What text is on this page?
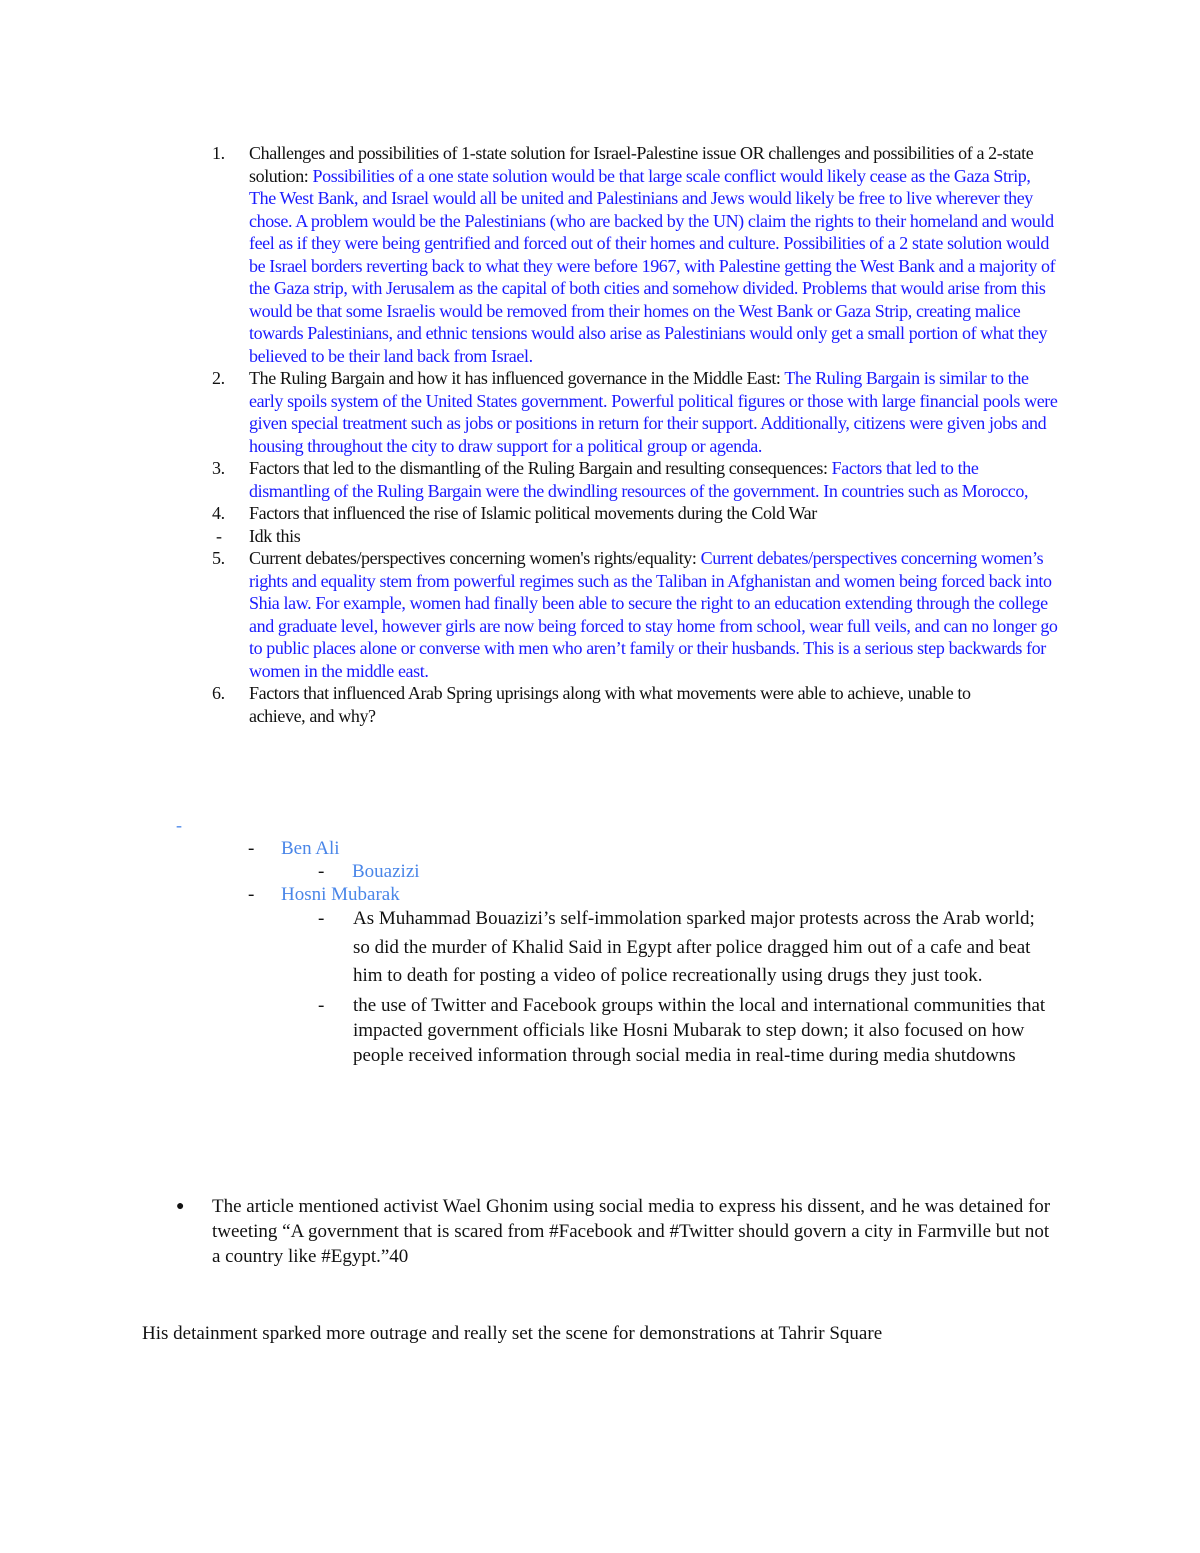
1. Challenges and possibilities of 1-state solution for Israel-Palestine issue OR challenges and possibilities of a 2-state solution: Possibilities of a one state solution would be that large scale conflict would likely cease as the Gaza Strip, The West Bank, and Israel would all be united and Palestinians and Jews would likely be free to live wherever they chose. A problem would be the Palestinians (who are backed by the UN) claim the rights to their homeland and would feel as if they were being gentrified and forced out of their homes and culture. Possibilities of a 2 state solution would be Israel borders reverting back to what they were before 1967, with Palestine getting the West Bank and a majority of the Gaza strip, with Jerusalem as the capital of both cities and somehow divided. Problems that would arise from this would be that some Israelis would be removed from their homes on the West Bank or Gaza Strip, creating malice towards Palestinians, and ethnic tensions would also arise as Palestinians would only get a small portion of what they believed to be their land back from Israel.
2. The Ruling Bargain and how it has influenced governance in the Middle East: The Ruling Bargain is similar to the early spoils system of the United States government. Powerful political figures or those with large financial pools were given special treatment such as jobs or positions in return for their support. Additionally, citizens were given jobs and housing throughout the city to draw support for a political group or agenda.
3. Factors that led to the dismantling of the Ruling Bargain and resulting consequences: Factors that led to the dismantling of the Ruling Bargain were the dwindling resources of the government. In countries such as Morocco,
4. Factors that influenced the rise of Islamic political movements during the Cold War
- Idk this
5. Current debates/perspectives concerning women's rights/equality: Current debates/perspectives concerning women’s rights and equality stem from powerful regimes such as the Taliban in Afghanistan and women being forced back into Shia law. For example, women had finally been able to secure the right to an education extending through the college and graduate level, however girls are now being forced to stay home from school, wear full veils, and can no longer go to public places alone or converse with men who aren’t family or their husbands. This is a serious step backwards for women in the middle east.
6. Factors that influenced Arab Spring uprisings along with what movements were able to achieve, unable to achieve, and why?
-
- Ben Ali
- Bouazizi
- Hosni Mubarak
- As Muhammad Bouazizi’s self-immolation sparked major protests across the Arab world; so did the murder of Khalid Said in Egypt after police dragged him out of a cafe and beat him to death for posting a video of police recreationally using drugs they just took.
- the use of Twitter and Facebook groups within the local and international communities that impacted government officials like Hosni Mubarak to step down; it also focused on how people received information through social media in real-time during media shutdowns
● The article mentioned activist Wael Ghonim using social media to express his dissent, and he was detained for tweeting “A government that is scared from #Facebook and #Twitter should govern a city in Farmville but not a country like #Egypt.”40
His detainment sparked more outrage and really set the scene for demonstrations at Tahrir Square
